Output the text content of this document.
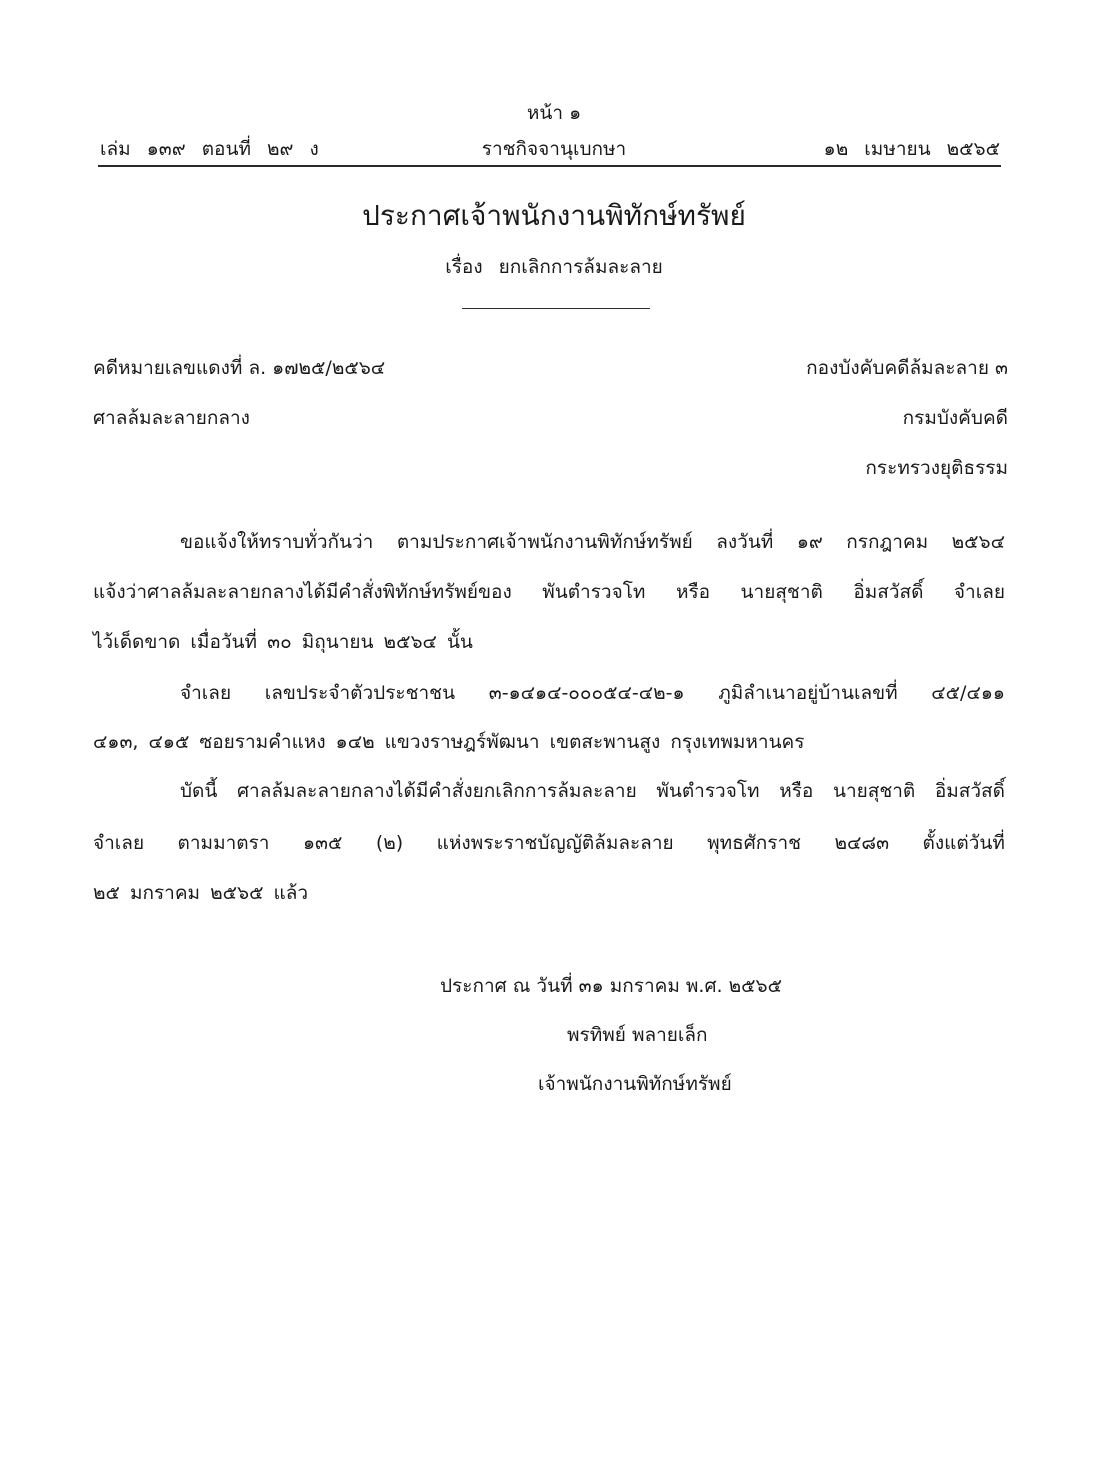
หน้า ๑
เล่ม ๑๓๙ ตอนที่ ๒๙ ง	ราชกิจจานุเบกษา	๑๒ เมษายน ๒๕๖๕
ประกาศเจ้าพนักงานพิทักษ์ทรัพย์
เรื่อง ยกเลิกการล้มละลาย
คดีหมายเลขแดงที่ ล. ๑๗๒๕/๒๕๖๔
ศาลล้มละลายกลาง
กองบังคับคดีล้มละลาย ๓
กรมบังคับคดี
กระทรวงยุติธรรม
ขอแจ้งให้ทราบทั่วกันว่า ตามประกาศเจ้าพนักงานพิทักษ์ทรัพย์ ลงวันที่ ๑๙ กรกฎาคม ๒๕๖๔
แจ้งว่าศาลล้มละลายกลางได้มีคำสั่งพิทักษ์ทรัพย์ของ พันตำรวจโท หรือ นายสุชาติ อิ่มสวัสดิ์ จำเลย
ไว้เด็ดขาด เมื่อวันที่ ๓๐ มิถุนายน ๒๕๖๔ นั้น
จำเลย เลขประจำตัวประชาชน ๓-๑๔๑๔-๐๐๐๕๔-๔๒-๑ ภูมิลำเนาอยู่บ้านเลขที่ ๔๕/๔๑๑
๔๑๓, ๔๑๕ ซอยรามคำแหง ๑๔๒ แขวงราษฎร์พัฒนา เขตสะพานสูง กรุงเทพมหานคร
บัดนี้ ศาลล้มละลายกลางได้มีคำสั่งยกเลิกการล้มละลาย พันตำรวจโท หรือ นายสุชาติ อิ่มสวัสดิ์
จำเลย ตามมาตรา ๑๓๕ (๒) แห่งพระราชบัญญัติล้มละลาย พุทธศักราช ๒๔๘๓ ตั้งแต่วันที่
๒๕ มกราคม ๒๕๖๕ แล้ว
ประกาศ ณ วันที่ ๓๑ มกราคม พ.ศ. ๒๕๖๕
พรทิพย์ พลายเล็ก
เจ้าพนักงานพิทักษ์ทรัพย์
